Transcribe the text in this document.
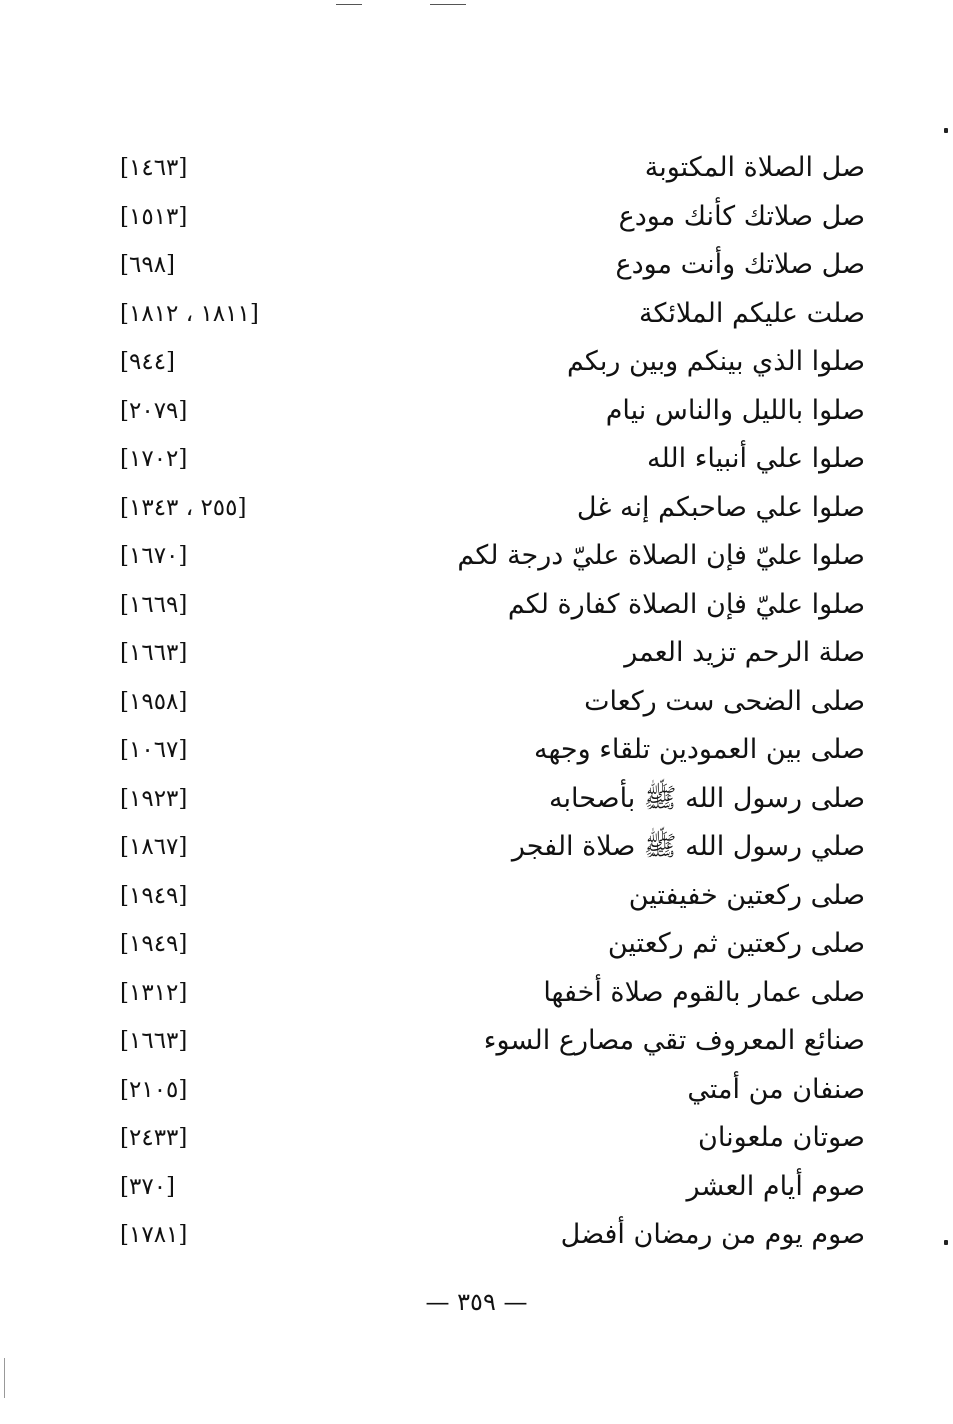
صل الصلاة المكتوبة
[١٤٦٣]
صل صلاتك كأنك مودع
[١٥١٣]
صل صلاتك وأنت مودع
[٦٩٨]
صلت عليكم الملائكة
[١٨١١ ، ١٨١٢]
صلوا الذي بينكم وبين ربكم
[٩٤٤]
صلوا بالليل والناس نيام
[٢٠٧٩]
صلوا علي أنبياء الله
[١٧٠٢]
صلوا علي صاحبكم إنه غل
[٢٥٥ ، ١٣٤٣]
صلوا عليّ فإن الصلاة عليّ درجة لكم
[١٦٧٠]
صلوا عليّ فإن الصلاة كفارة لكم
[١٦٦٩]
صلة الرحم تزيد العمر
[١٦٦٣]
صلى الضحى ست ركعات
[١٩٥٨]
صلى بين العمودين تلقاء وجهه
[١٠٦٧]
صلى رسول الله ﷺ بأصحابه
[١٩٢٣]
صلي رسول الله ﷺ صلاة الفجر
[١٨٦٧]
صلى ركعتين خفيفتين
[١٩٤٩]
صلى ركعتين ثم ركعتين
[١٩٤٩]
صلى عمار بالقوم صلاة أخفها
[١٣١٢]
صنائع المعروف تقي مصارع السوء
[١٦٦٣]
صنفان من أمتي
[٢١٠٥]
صوتان ملعونان
[٢٤٣٣]
صوم أيام العشر
[٣٧٠]
صوم يوم من رمضان أفضل
[١٧٨١]
— ٣٥٩ —
